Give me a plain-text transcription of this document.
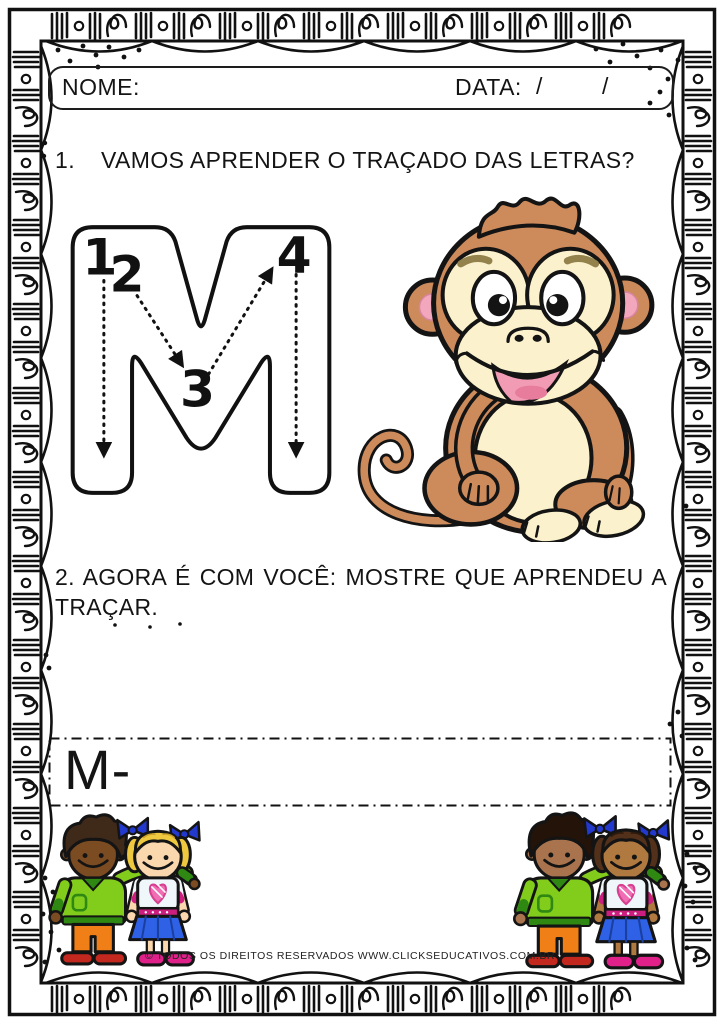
NOME:	DATA: /	/
1. VAMOS APRENDER O TRAÇADO DAS LETRAS?
1
2
3
4

2. AGORA É COM VOCÊ: MOSTRE QUE APRENDEU A TRAÇAR.

M-
© TODOS OS DIREITOS RESERVADOS WWW.CLICKSEDUCATIVOS.COM.BR
